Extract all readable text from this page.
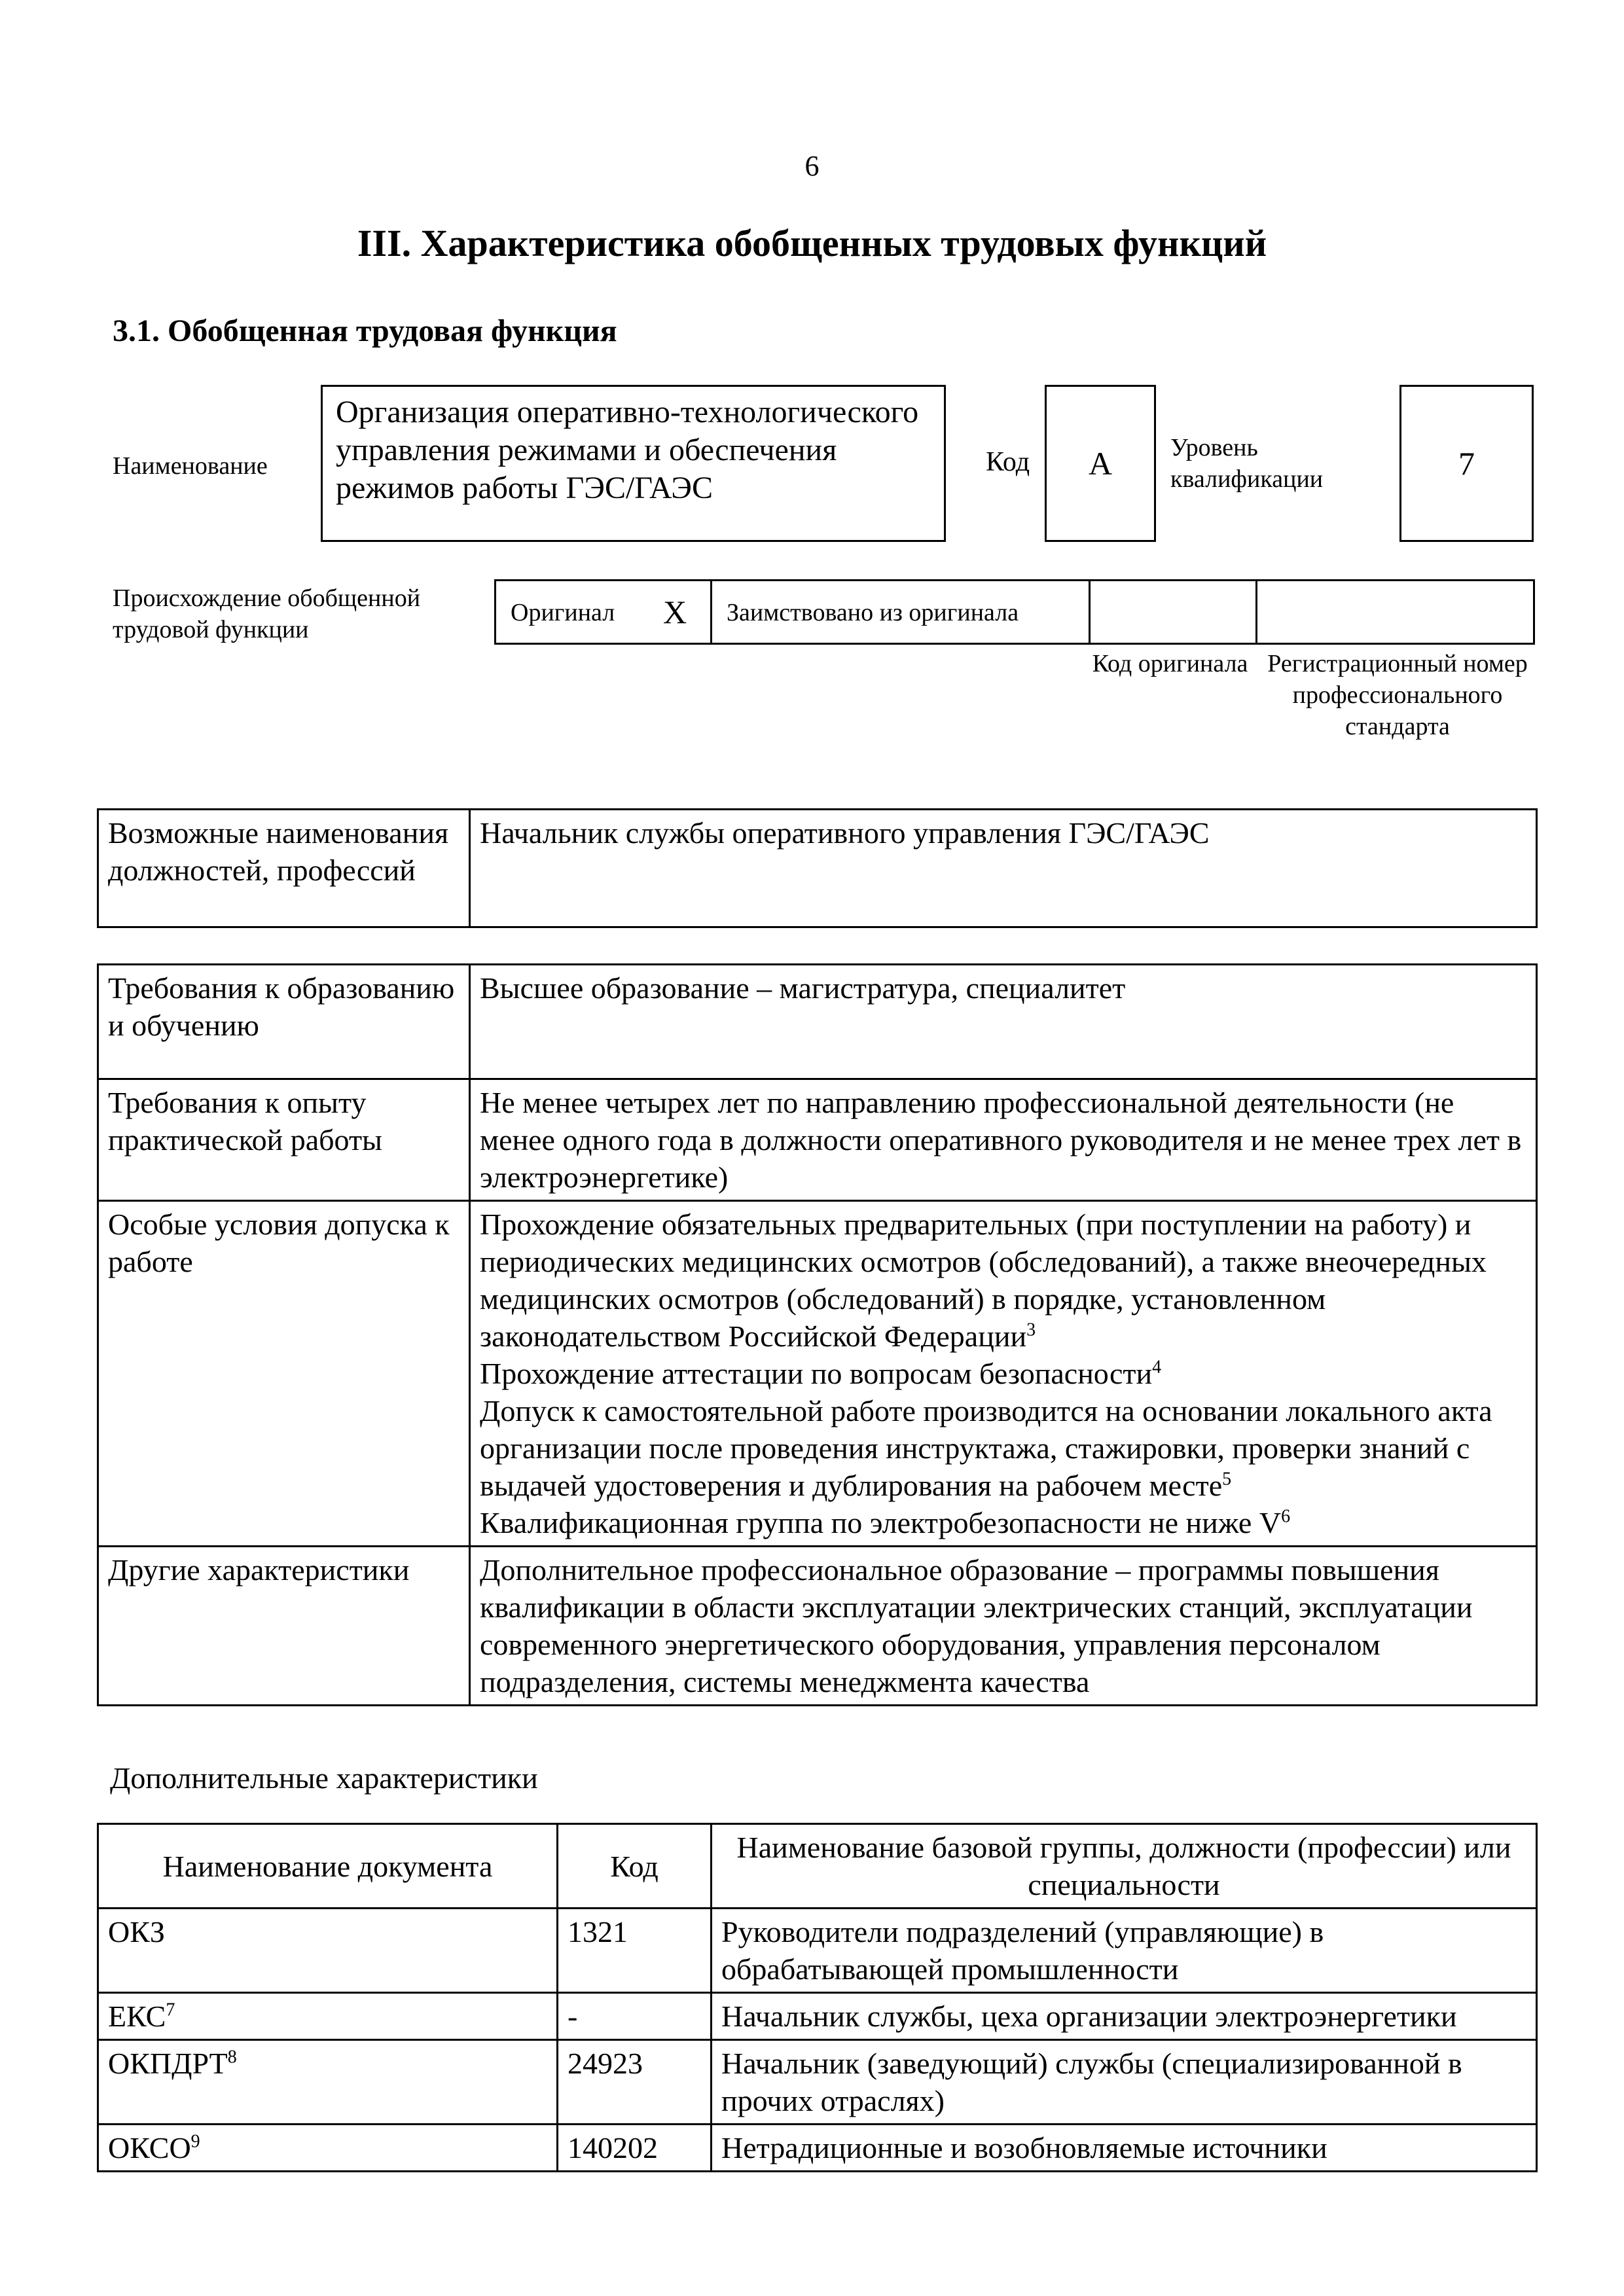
6
III. Характеристика обобщенных трудовых функций
3.1. Обобщенная трудовая функция
Наименование
Организация оперативно-технологического управления режимами и обеспечения режимов работы ГЭС/ГАЭС
Код А Уровень квалификации	7
Происхождение обобщенной трудовой функции
Оригинал X Заимствовано из оригинала
Код оригинала Регистрационный номер профессионального стандарта
Возможные наименования должностей, профессий	Начальник службы оперативного управления ГЭС/ГАЭС
Требования к образованию и обучению	Высшее образование – магистратура, специалитет
Требования к опыту практической работы	Не менее четырех лет по направлению профессиональной деятельности (не менее одного года в должности оперативного руководителя и не менее трех лет в электроэнергетике)
Особые условия допуска к работе	Прохождение обязательных предварительных (при поступлении на работу) и периодических медицинских осмотров (обследований), а также внеочередных медицинских осмотров (обследований) в порядке, установленном законодательством Российской Федерации$^3$
Прохождение аттестации по вопросам безопасности$^4$
Допуск к самостоятельной работе производится на основании локального акта организации после проведения инструктажа, стажировки, проверки знаний с выдачей удостоверения и дублирования на рабочем месте$^5$
Квалификационная группа по электробезопасности не ниже $V^6$

Другие характеристики	Дополнительное профессиональное образование – программы повышения квалификации в области эксплуатации электрических станций, эксплуатации современного энергетического оборудования, управления персоналом подразделения, системы менеджмента качества
Дополнительные характеристики
Наименование документа	Код	Наименование базовой группы, должности (профессии) или специальности
ОКЗ	1321	Руководители подразделений (управляющие) в обрабатывающей промышленности
ЕКС$^7$	-	Начальник службы, цеха организации электроэнергетики
ОКПДРТ$^8$	24923	Начальник (заведующий) службы (специализированной в прочих отраслях)
ОКСО$^9$	140202	Нетрадиционные и возобновляемые источники
